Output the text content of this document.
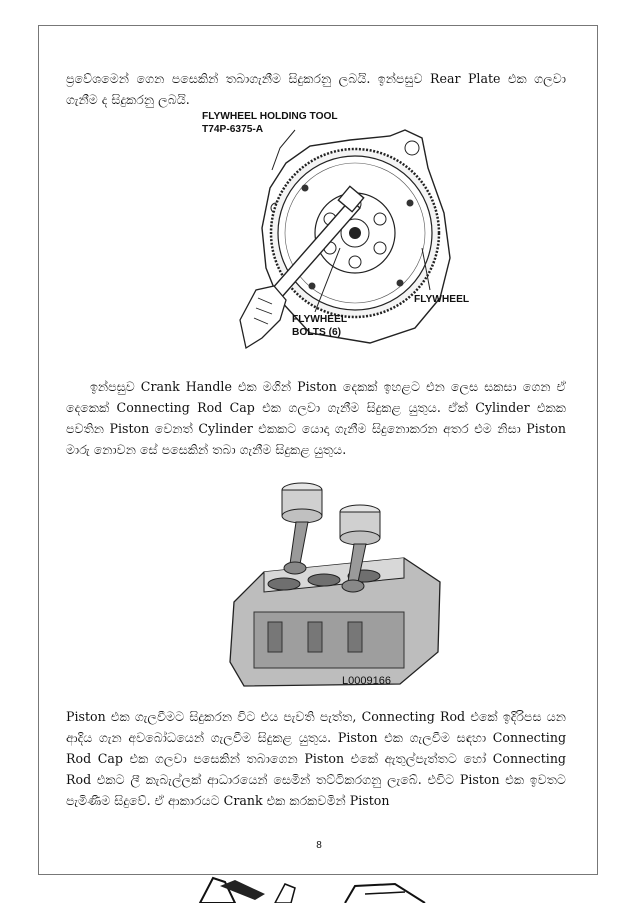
ප්‍රවේශමෙන් ගෙන පසෙකින් තබාගැනීම සිදුකරනු ලබයි. ඉන්පසුව Rear Plate එක ගලවා ගැනීම ද සිදුකරනු ලබයි.

FLYWHEEL HOLDING TOOL
T74P-6375-A
FLYWHEEL
FLYWHEEL
BOLTS (6)

ඉන්පසුව Crank Handle එක මගින් Piston දෙකක් ඉහළට එන ලෙස සකසා ගෙන ඒ දෙකෙක් Connecting Rod Cap එක ගලවා ගැනීම සිදුකළ යුතුය. ඒක් Cylinder එකක පවතින Piston වෙනත් Cylinder එකකට යොදා ගැනීම සිදුනොකරන අතර එම නිසා Piston මාරු නොවන සේ පසෙකින් තබා ගැනීම සිදුකළ යුතුය.

L0009166

Piston එක ගැලවීමට සිදුකරන විට එය පැවති පැත්ත, Connecting Rod එකේ ඉදිරිපස යන ආදිය ගැන අවබෝධයෙන් ගැලවීම සිදුකළ යුතුය. Piston එක ගැලවීම සඳහා Connecting Rod Cap එක ගලවා පසෙකින් තබාගෙන Piston එකේ ඇතුල්පැත්තට හෝ Connecting Rod එකට ලී කැබැල්ලක් ආධාරයෙන් සෙමින් තට්ටිකරගනු ලැබේ. එවිට Piston එක ඉවතට පැමිණීම සිදුවේ. ඒ ආකාරයට Crank එක කරකවමින් Piston

8
